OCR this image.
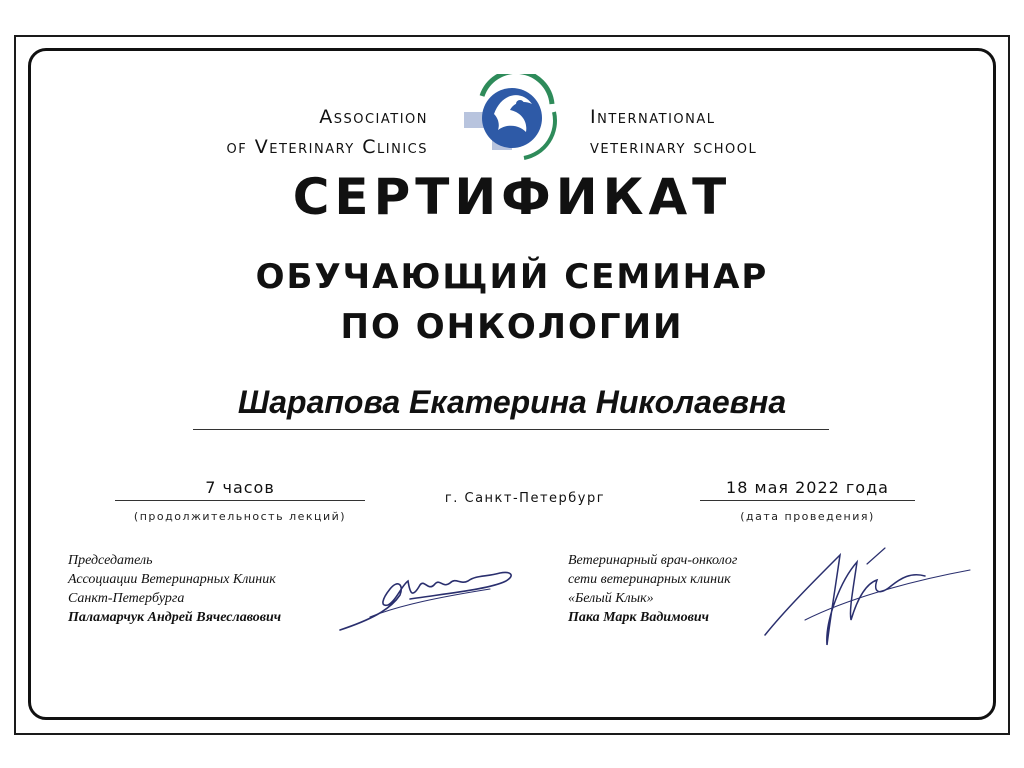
Association
of Veterinary Clinics
International
veterinary school
СЕРТИФИКАТ
ОБУЧАЮЩИЙ СЕМИНАР
ПО ОНКОЛОГИИ
Шарапова Екатерина Николаевна
7 часов
(продолжительность лекций)
г. Санкт-Петербург
18 мая 2022 года
(дата проведения)
Председатель
Ассоциации Ветеринарных Клиник
Санкт-Петербурга
Паламарчук Андрей Вячеславович
Ветеринарный врач-онколог
сети ветеринарных клиник
«Белый Клык»
Пака Марк Вадимович
